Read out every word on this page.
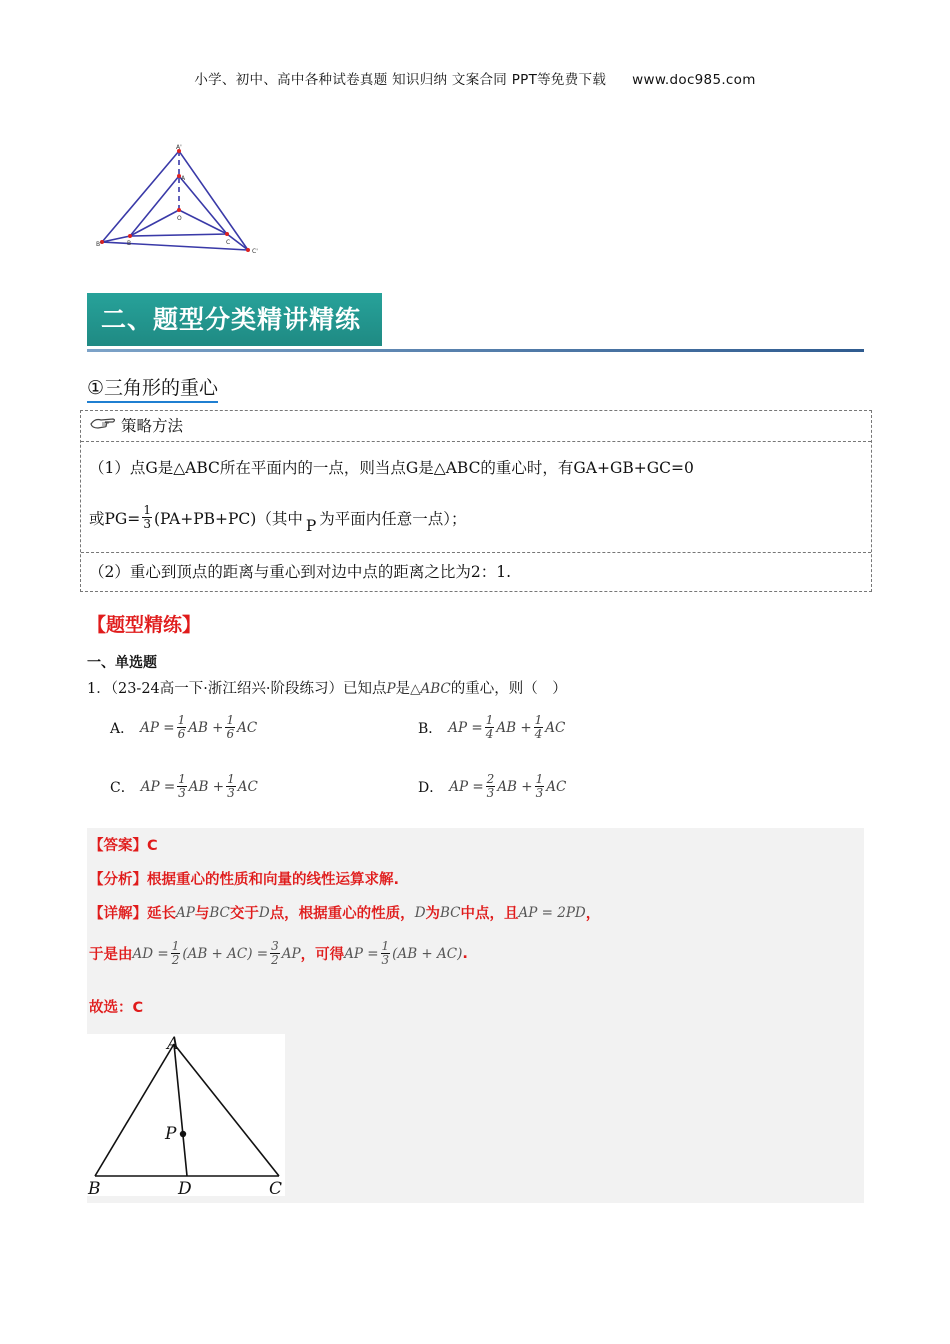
小学、初中、高中各种试卷真题 知识归纳 文案合同 PPT等免费下载 www.doc985.com
A'
A
O
B'	B	C
C'
二、题型分类精讲精练
①三角形的重心
策略方法
（1）点G是△ABC所在平面内的一点，则当点G是△ABC的重心时，有GA+GB+GC=0
或$PG= \frac{1}{3} (PA+PB+PC)$（其中 P 为平面内任意一点）；
（2）重心到顶点的距离与重心到对边中点的距离之比为2：1.
【题型精练】
一、单选题
1．（23-24高一下·浙江绍兴·阶段练习）已知点P是△ABC的重心，则（　）
A． AP = $\frac{1}{6}$ AB + $\frac{1}{6}$ AC	B． AP = $\frac{1}{4}$ AB + $\frac{1}{4}$ AC
C． AP = $\frac{1}{3}$ AB + $\frac{1}{3}$ AC	D． AP = $\frac{2}{3}$ AB + $\frac{1}{3}$ AC
【答案】C
【分析】根据重心的性质和向量的线性运算求解.
【详解】延长 AP 与 BC 交于 D 点，根据重心的性质， D 为 BC 中点，且 AP = 2PD ，
于是由 AD = $\frac{1}{2} (AB + AC) = \frac{3}{2}$ AP ，可得 AP = $\frac{1}{3} (AB + AC)$ .
故选：C
A
P
B	D	C
